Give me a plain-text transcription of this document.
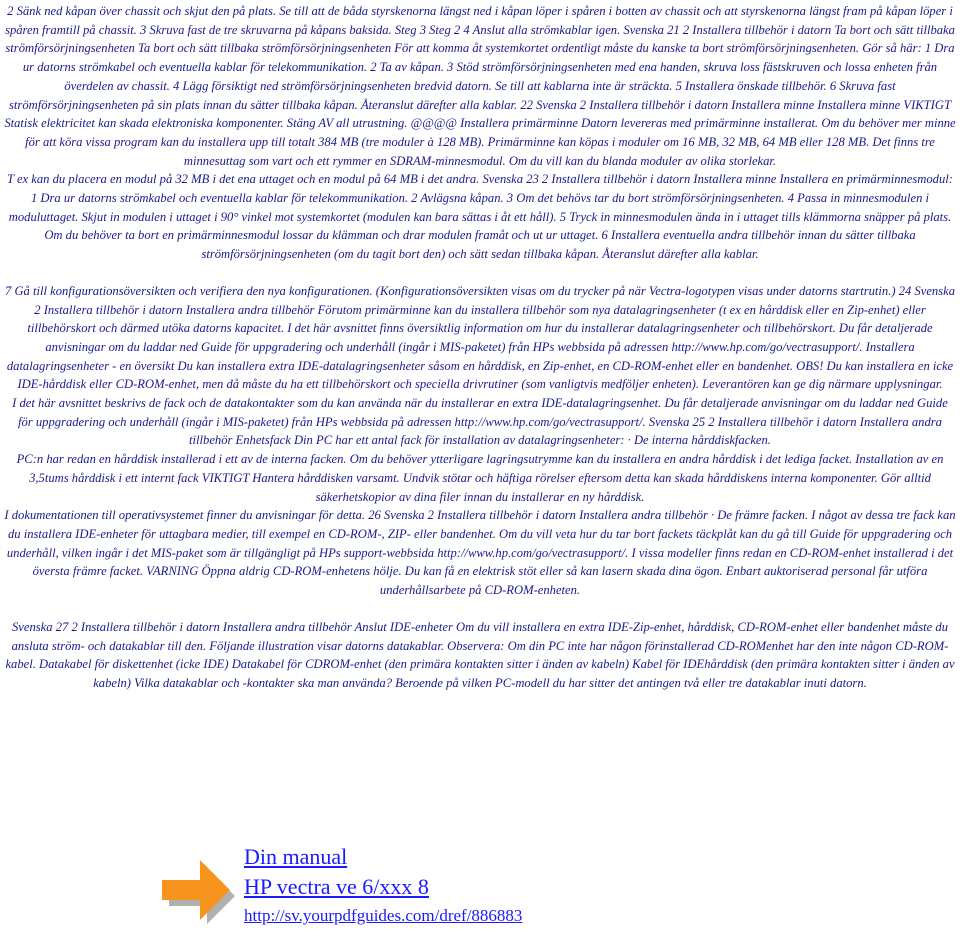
2 Sänk ned kåpan över chassit och skjut den på plats. Se till att de båda styrskenorna längst ned i kåpan löper i spåren i botten av chassit och att styrskenorna längst fram på kåpan löper i spåren framtill på chassit. 3 Skruva fast de tre skruvarna på kåpans baksida. Steg 3 Steg 2 4 Anslut alla strömkablar igen. Svenska 21 2 Installera tillbehör i datorn Ta bort och sätt tillbaka strömförsörjningsenheten Ta bort och sätt tillbaka strömförsörjningsenheten För att komma åt systemkortet ordentligt måste du kanske ta bort strömförsörjningsenheten. Gör så här: 1 Dra ur datorns strömkabel och eventuella kablar för telekommunikation. 2 Ta av kåpan. 3 Stöd strömförsörjningsenheten med ena handen, skruva loss fästskruven och lossa enheten från överdelen av chassit. 4 Lägg försiktigt ned strömförsörjningsenheten bredvid datorn. Se till att kablarna inte är sträckta. 5 Installera önskade tillbehör. 6 Skruva fast strömförsörjningsenheten på sin plats innan du sätter tillbaka kåpan. Återanslut därefter alla kablar. 22 Svenska 2 Installera tillbehör i datorn Installera minne Installera minne VIKTIGT Statisk elektricitet kan skada elektroniska komponenter. Stäng AV all utrustning. @@@@ Installera primärminne Datorn levereras med primärminne installerat. Om du behöver mer minne för att köra vissa program kan du installera upp till totalt 384 MB (tre moduler à 128 MB). Primärminne kan köpas i moduler om 16 MB, 32 MB, 64 MB eller 128 MB. Det finns tre minnesuttag som vart och ett rymmer en SDRAM-minnesmodul. Om du vill kan du blanda moduler av olika storlekar.

T ex kan du placera en modul på 32 MB i det ena uttaget och en modul på 64 MB i det andra. Svenska 23 2 Installera tillbehör i datorn Installera minne Installera en primärminnesmodul: 1 Dra ur datorns strömkabel och eventuella kablar för telekommunikation. 2 Avlägsna kåpan. 3 Om det behövs tar du bort strömförsörjningsenheten. 4 Passa in minnesmodulen i moduluttaget. Skjut in modulen i uttaget i 90° vinkel mot systemkortet (modulen kan bara sättas i åt ett håll). 5 Tryck in minnesmodulen ända in i uttaget tills klämmorna snäpper på plats. Om du behöver ta bort en primärminnesmodul lossar du klämman och drar modulen framåt och ut ur uttaget. 6 Installera eventuella andra tillbehör innan du sätter tillbaka strömförsörjningsenheten (om du tagit bort den) och sätt sedan tillbaka kåpan. Återanslut därefter alla kablar.

7 Gå till konfigurationsöversikten och verifiera den nya konfigurationen. (Konfigurationsöversikten visas om du trycker på när Vectra-logotypen visas under datorns startrutin.) 24 Svenska 2 Installera tillbehör i datorn Installera andra tillbehör Förutom primärminne kan du installera tillbehör som nya datalagringsenheter (t ex en hårddisk eller en Zip-enhet) eller tillbehörskort och därmed utöka datorns kapacitet. I det här avsnittet finns översiktlig information om hur du installerar datalagringsenheter och tillbehörskort. Du får detaljerade anvisningar om du laddar ned Guide för uppgradering och underhåll (ingår i MIS-paketet) från HPs webbsida på adressen http://www.hp.com/go/vectrasupport/. Installera datalagringsenheter - en översikt Du kan installera extra IDE-datalagringsenheter såsom en hårddisk, en Zip-enhet, en CD-ROM-enhet eller en bandenhet. OBS! Du kan installera en icke IDE-hårddisk eller CD-ROM-enhet, men då måste du ha ett tillbehörskort och speciella drivrutiner (som vanligtvis medföljer enheten). Leverantören kan ge dig närmare upplysningar.

I det här avsnittet beskrivs de fack och de datakontakter som du kan använda när du installerar en extra IDE-datalagringsenhet. Du får detaljerade anvisningar om du laddar ned Guide för uppgradering och underhåll (ingår i MIS-paketet) från HPs webbsida på adressen http://www.hp.com/go/vectrasupport/. Svenska 25 2 Installera tillbehör i datorn Installera andra tillbehör Enhetsfack Din PC har ett antal fack för installation av datalagringsenheter: · De interna hårddiskfacken.

PC:n har redan en hårddisk installerad i ett av de interna facken. Om du behöver ytterligare lagringsutrymme kan du installera en andra hårddisk i det lediga facket. Installation av en 3,5tums hårddisk i ett internt fack VIKTIGT Hantera hårddisken varsamt. Undvik stötar och häftiga rörelser eftersom detta kan skada hårddiskens interna komponenter. Gör alltid säkerhetskopior av dina filer innan du installerar en ny hårddisk.

I dokumentationen till operativsystemet finner du anvisningar för detta. 26 Svenska 2 Installera tillbehör i datorn Installera andra tillbehör · De främre facken. I något av dessa tre fack kan du installera IDE-enheter för uttagbara medier, till exempel en CD-ROM-, ZIP- eller bandenhet. Om du vill veta hur du tar bort fackets täckplåt kan du gå till Guide för uppgradering och underhåll, vilken ingår i det MIS-paket som är tillgängligt på HPs support-webbsida http://www.hp.com/go/vectrasupport/. I vissa modeller finns redan en CD-ROM-enhet installerad i det översta främre facket. VARNING Öppna aldrig CD-ROM-enhetens hölje. Du kan få en elektrisk stöt eller så kan lasern skada dina ögon. Enbart auktoriserad personal får utföra underhållsarbete på CD-ROM-enheten.

Svenska 27 2 Installera tillbehör i datorn Installera andra tillbehör Anslut IDE-enheter Om du vill installera en extra IDE-Zip-enhet, hårddisk, CD-ROM-enhet eller bandenhet måste du ansluta ström- och datakablar till den. Följande illustration visar datorns datakablar. Observera: Om din PC inte har någon förinstallerad CD-ROMenhet har den inte någon CD-ROM-kabel. Datakabel för diskettenhet (icke IDE) Datakabel för CDROM-enhet (den primära kontakten sitter i änden av kabeln) Kabel för IDEhårddisk (den primära kontakten sitter i änden av kabeln) Vilka datakablar och -kontakter ska man använda? Beroende på vilken PC-modell du har sitter det antingen två eller tre datakablar inuti datorn.

Din manual
HP vectra ve 6/xxx 8
http://sv.yourpdfguides.com/dref/886883
